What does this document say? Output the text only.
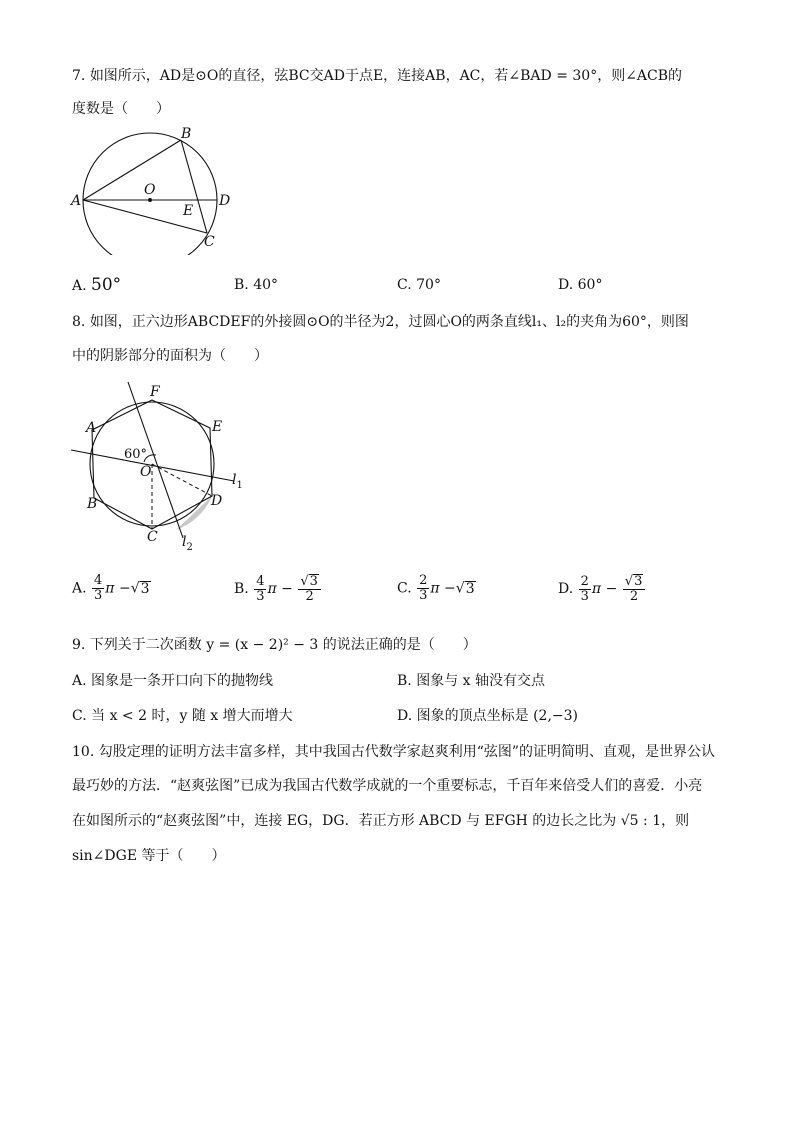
7. 如图所示，AD是⊙O的直径，弦BC交AD于点E，连接AB，AC，若∠BAD = 30°，则∠ACB的
度数是（　　）
B
O
A	D
E
C
A. 50°	B. 40°	C. 70°	D. 60°
8. 如图，正六边形ABCDEF的外接圆⊙O的半径为2，过圆心O的两条直线l₁、l₂的夹角为60°，则图
中的阴影部分的面积为（　　）
F
A	E
60°
O	$l_1$
D
B
C $l_2$
A. $\frac{4}{3}$ π −√3	B. $\frac{4}{3}$ $\pi - \frac{√3}{2}$	C. $\frac{2}{3}$ π −√3	D. $\frac{2}{3}$ $\pi - \frac{√3}{2}$
9. 下列关于二次函数 y = (x − 2)² − 3 的说法正确的是（　　）
A. 图象是一条开口向下的抛物线	B. 图象与 x 轴没有交点
C. 当 x < 2 时，y 随 x 增大而增大	D. 图象的顶点坐标是 (2,−3)
10. 勾股定理的证明方法丰富多样，其中我国古代数学家赵爽利用“弦图”的证明简明、直观，是世界公认
最巧妙的方法．“赵爽弦图”已成为我国古代数学成就的一个重要标志，千百年来倍受人们的喜爱．小亮
在如图所示的“赵爽弦图”中，连接 EG，DG．若正方形 ABCD 与 EFGH 的边长之比为 √5 : 1，则
sin∠DGE 等于（　　）
